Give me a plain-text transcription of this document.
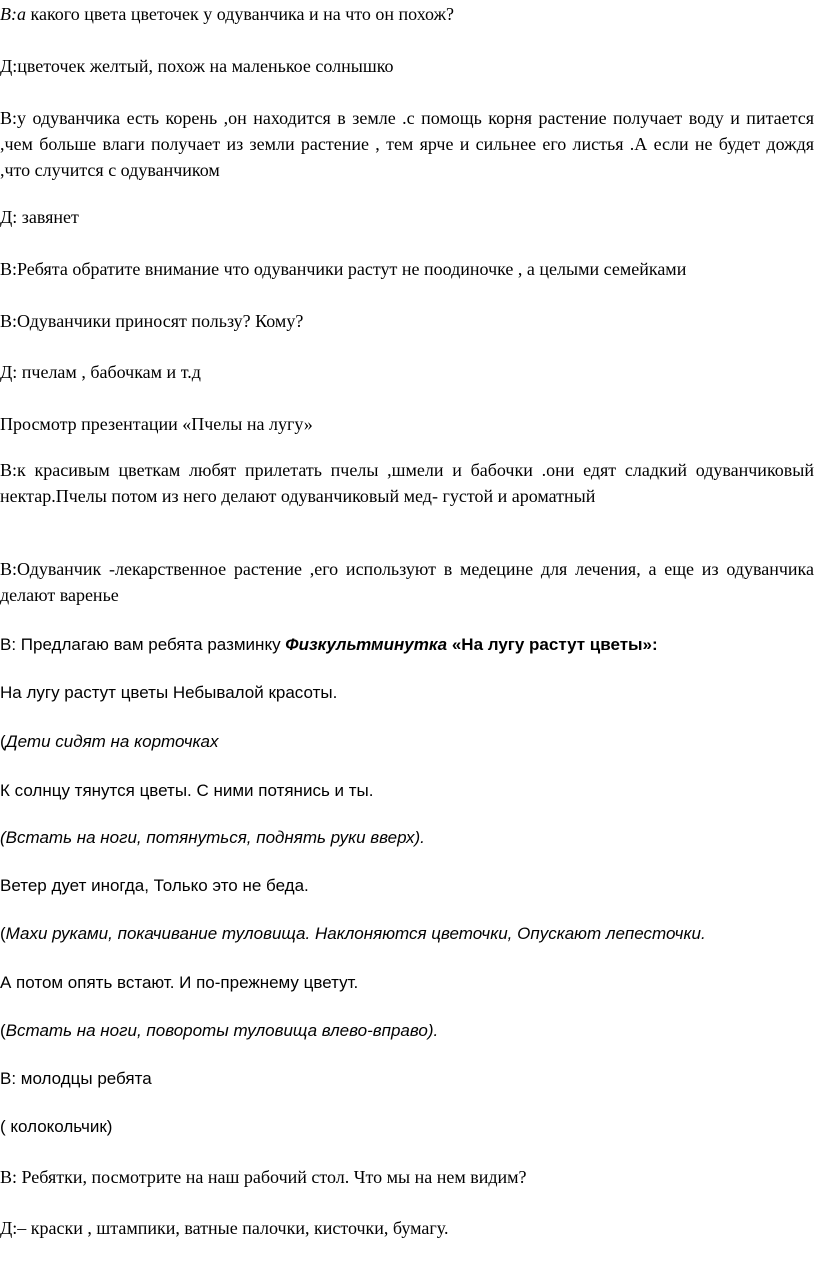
В:а какого цвета цветочек у одуванчика и на что он похож?

Д:цветочек желтый, похож на маленькое солнышко

В:у одуванчика есть корень ,он находится в земле .с помощь корня растение получает воду и питается ,чем больше влаги получает из земли растение , тем ярче и сильнее его листья .А если не будет дождя ,что случится с одуванчиком

Д: завянет

В:Ребята обратите внимание что одуванчики растут не поодиночке , а целыми семейками

В:Одуванчики приносят пользу? Кому?

Д: пчелам , бабочкам и т.д

Просмотр презентации «Пчелы на лугу»

В:к красивым цветкам любят прилетать пчелы ,шмели и бабочки .они едят сладкий одуванчиковый нектар.Пчелы потом из него делают одуванчиковый мед- густой и ароматный

В:Одуванчик -лекарственное растение ,его используют в медецине для лечения, а еще из одуванчика делают варенье

В: Предлагаю вам ребята разминку Физкультминутка «На лугу растут цветы»:

На лугу растут цветы Небывалой красоты.

(Дети сидят на корточках

К солнцу тянутся цветы. С ними потянись и ты.

(Встать на ноги, потянуться, поднять руки вверх).

Ветер дует иногда, Только это не беда.

(Махи руками, покачивание туловища. Наклоняются цветочки, Опускают лепесточки.

А потом опять встают. И по-прежнему цветут.

(Встать на ноги, повороты туловища влево-вправо).

В: молодцы ребята

( колокольчик)

В: Ребятки, посмотрите на наш рабочий стол. Что мы на нем видим?

Д:– краски , штампики, ватные палочки, кисточки, бумагу.
